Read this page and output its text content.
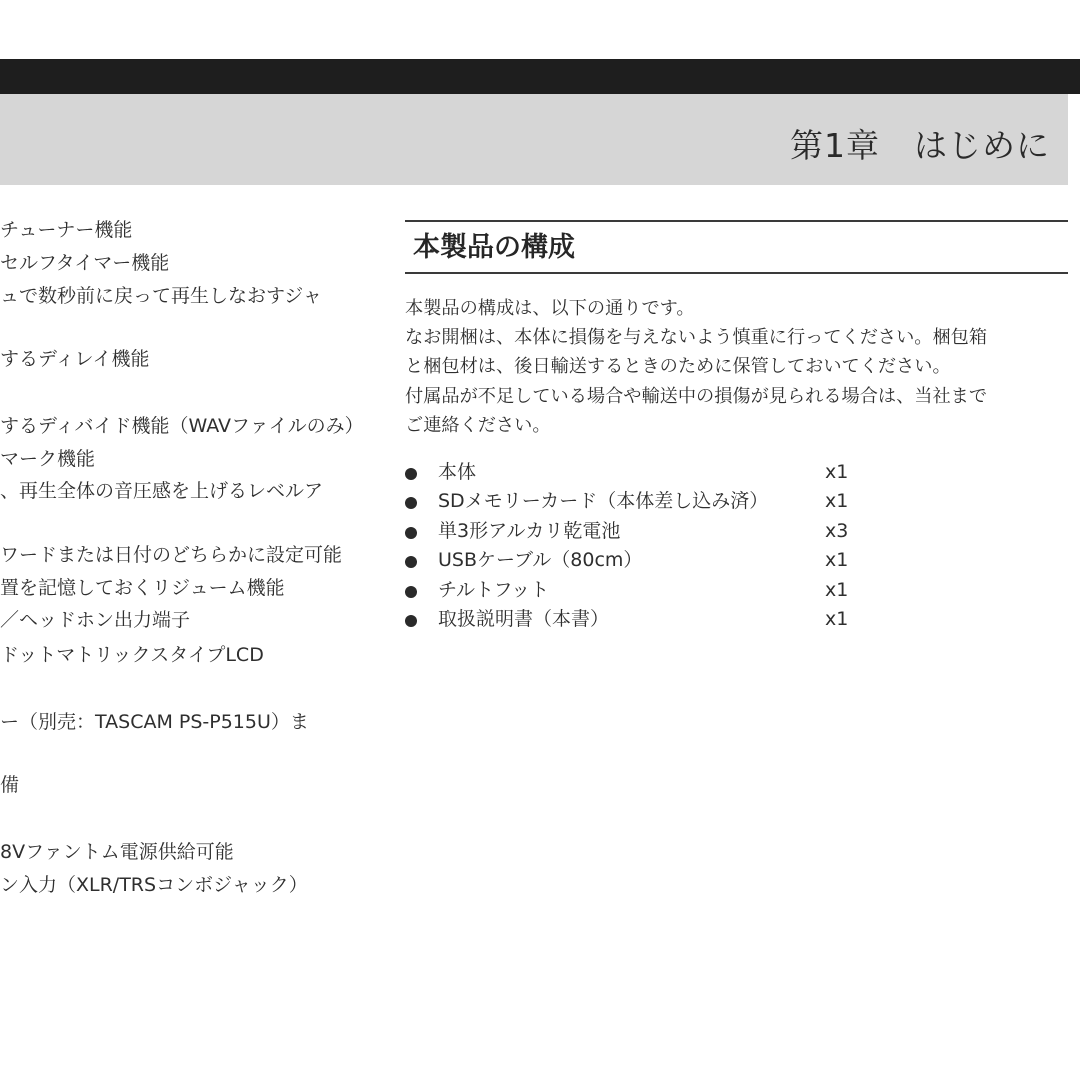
第1章　はじめに
チューナー機能
セルフタイマー機能
ュで数秒前に戻って再生しなおすジャ
するディレイ機能
するディバイド機能（WAVファイルのみ）
マーク機能
、再生全体の音圧感を上げるレベルア
ワードまたは日付のどちらかに設定可能
置を記憶しておくリジューム機能
／ヘッドホン出力端子
ドットマトリックスタイプLCD
ー（別売：TASCAM PS-P515U）ま
備
8Vファントム電源供給可能
ン入力（XLR/TRSコンボジャック）
本製品の構成
本製品の構成は、以下の通りです。
なお開梱は、本体に損傷を与えないよう慎重に行ってください。梱包箱
と梱包材は、後日輸送するときのために保管しておいてください。
付属品が不足している場合や輸送中の損傷が見られる場合は、当社まで
ご連絡ください。
本体	x1
SDメモリーカード（本体差し込み済）	x1
単3形アルカリ乾電池	x3
USBケーブル（80cm）	x1
チルトフット	x1
取扱説明書（本書）	x1
